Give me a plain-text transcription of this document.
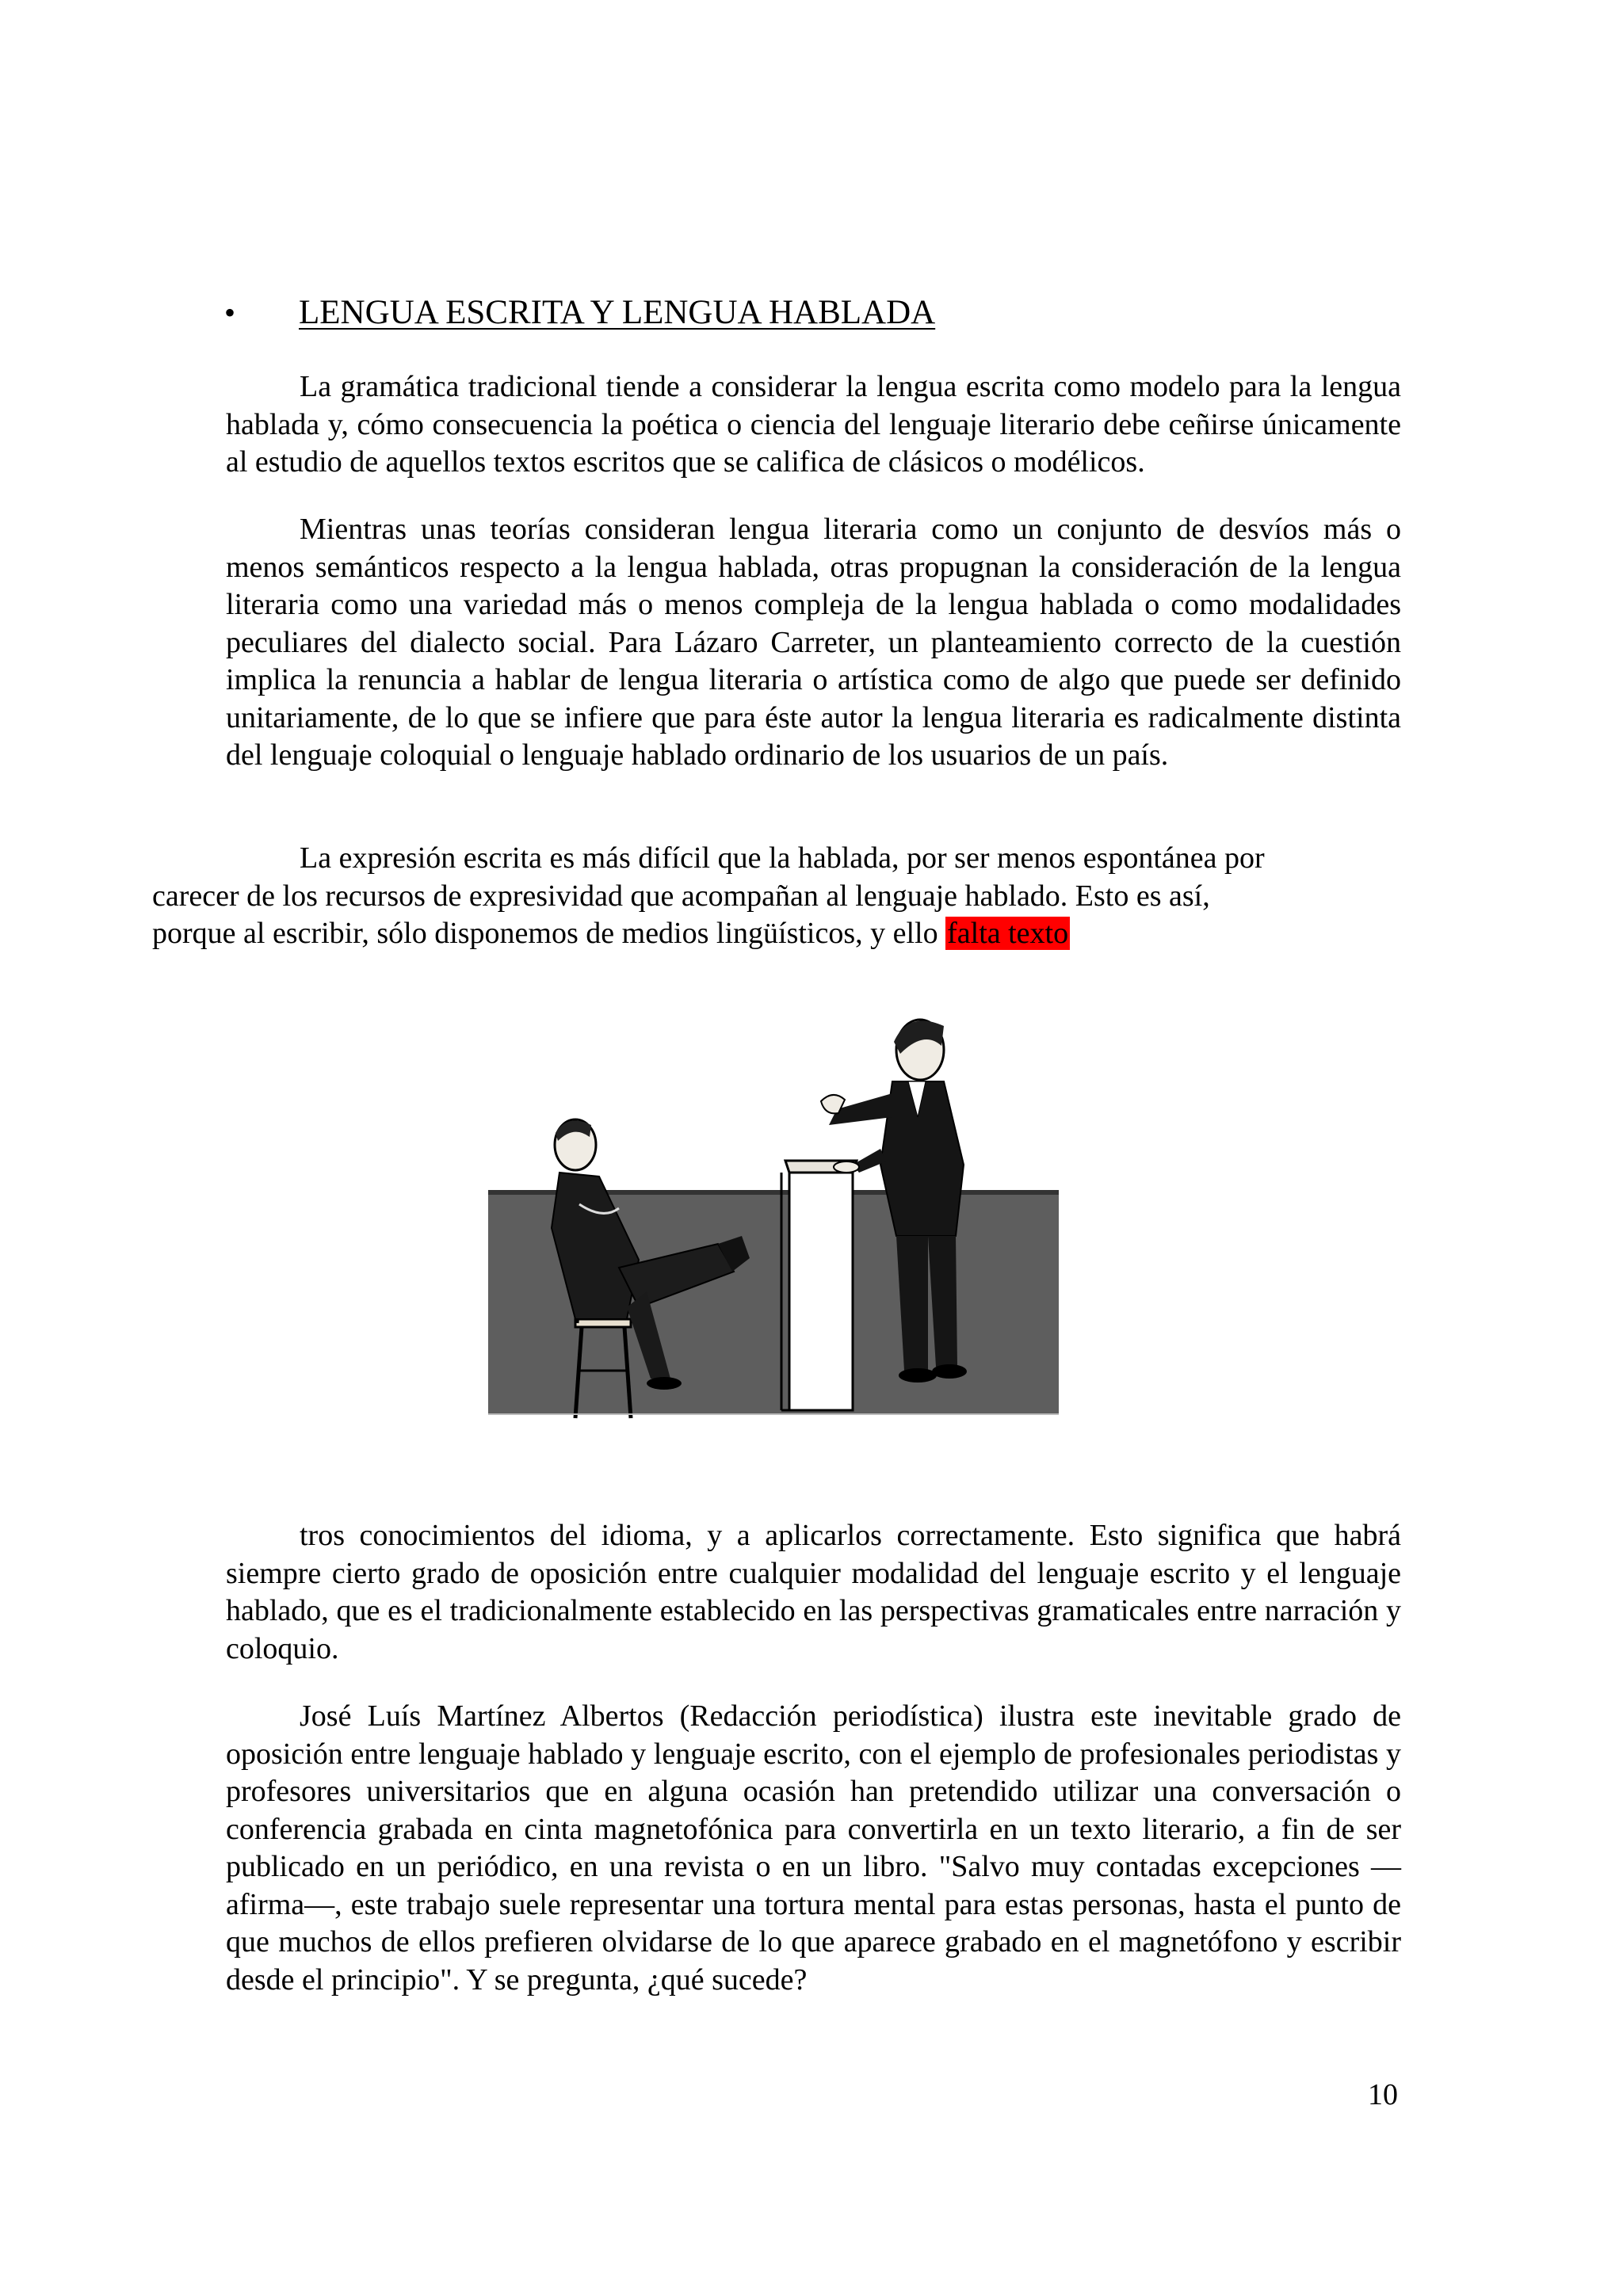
• LENGUA ESCRITA Y LENGUA HABLADA

La gramática tradicional tiende a considerar la lengua escrita como modelo para la lengua hablada y, cómo consecuencia la poética o ciencia del lenguaje literario debe ceñirse únicamente al estudio de aquellos textos escritos que se califica de clásicos o modélicos.

Mientras unas teorías consideran lengua literaria como un conjunto de desvíos más o menos semánticos respecto a la lengua hablada, otras propugnan la consideración de la lengua literaria como una variedad más o menos compleja de la lengua hablada o como modalidades peculiares del dialecto social. Para Lázaro Carreter, un planteamiento correcto de la cuestión implica la renuncia a hablar de lengua literaria o artística como de algo que puede ser definido unitariamente, de lo que se infiere que para éste autor la lengua literaria es radicalmente distinta del lenguaje coloquial o lenguaje hablado ordinario de los usuarios de un país.

La expresión escrita es más difícil que la hablada, por ser menos espontánea por
carecer de los recursos de expresividad que acompañan al lenguaje hablado. Esto es así,
porque al escribir, sólo disponemos de medios lingüísticos, y ello falta texto

tros conocimientos del idioma, y a aplicarlos correctamente. Esto significa que habrá siempre cierto grado de oposición entre cualquier modalidad del lenguaje escrito y el lenguaje hablado, que es el tradicionalmente establecido en las perspectivas gramaticales entre narración y coloquio.

José Luís Martínez Albertos (Redacción periodística) ilustra este inevitable grado de oposición entre lenguaje hablado y lenguaje escrito, con el ejemplo de profesionales periodistas y profesores universitarios que en alguna ocasión han pretendido utilizar una conversación o conferencia grabada en cinta magnetofónica para convertirla en un texto literario, a fin de ser publicado en un periódico, en una revista o en un libro. "Salvo muy contadas excepciones —afirma—, este trabajo suele representar una tortura mental para estas personas, hasta el punto de que muchos de ellos prefieren olvidarse de lo que aparece grabado en el magnetófono y escribir desde el principio". Y se pregunta, ¿qué sucede?

10
